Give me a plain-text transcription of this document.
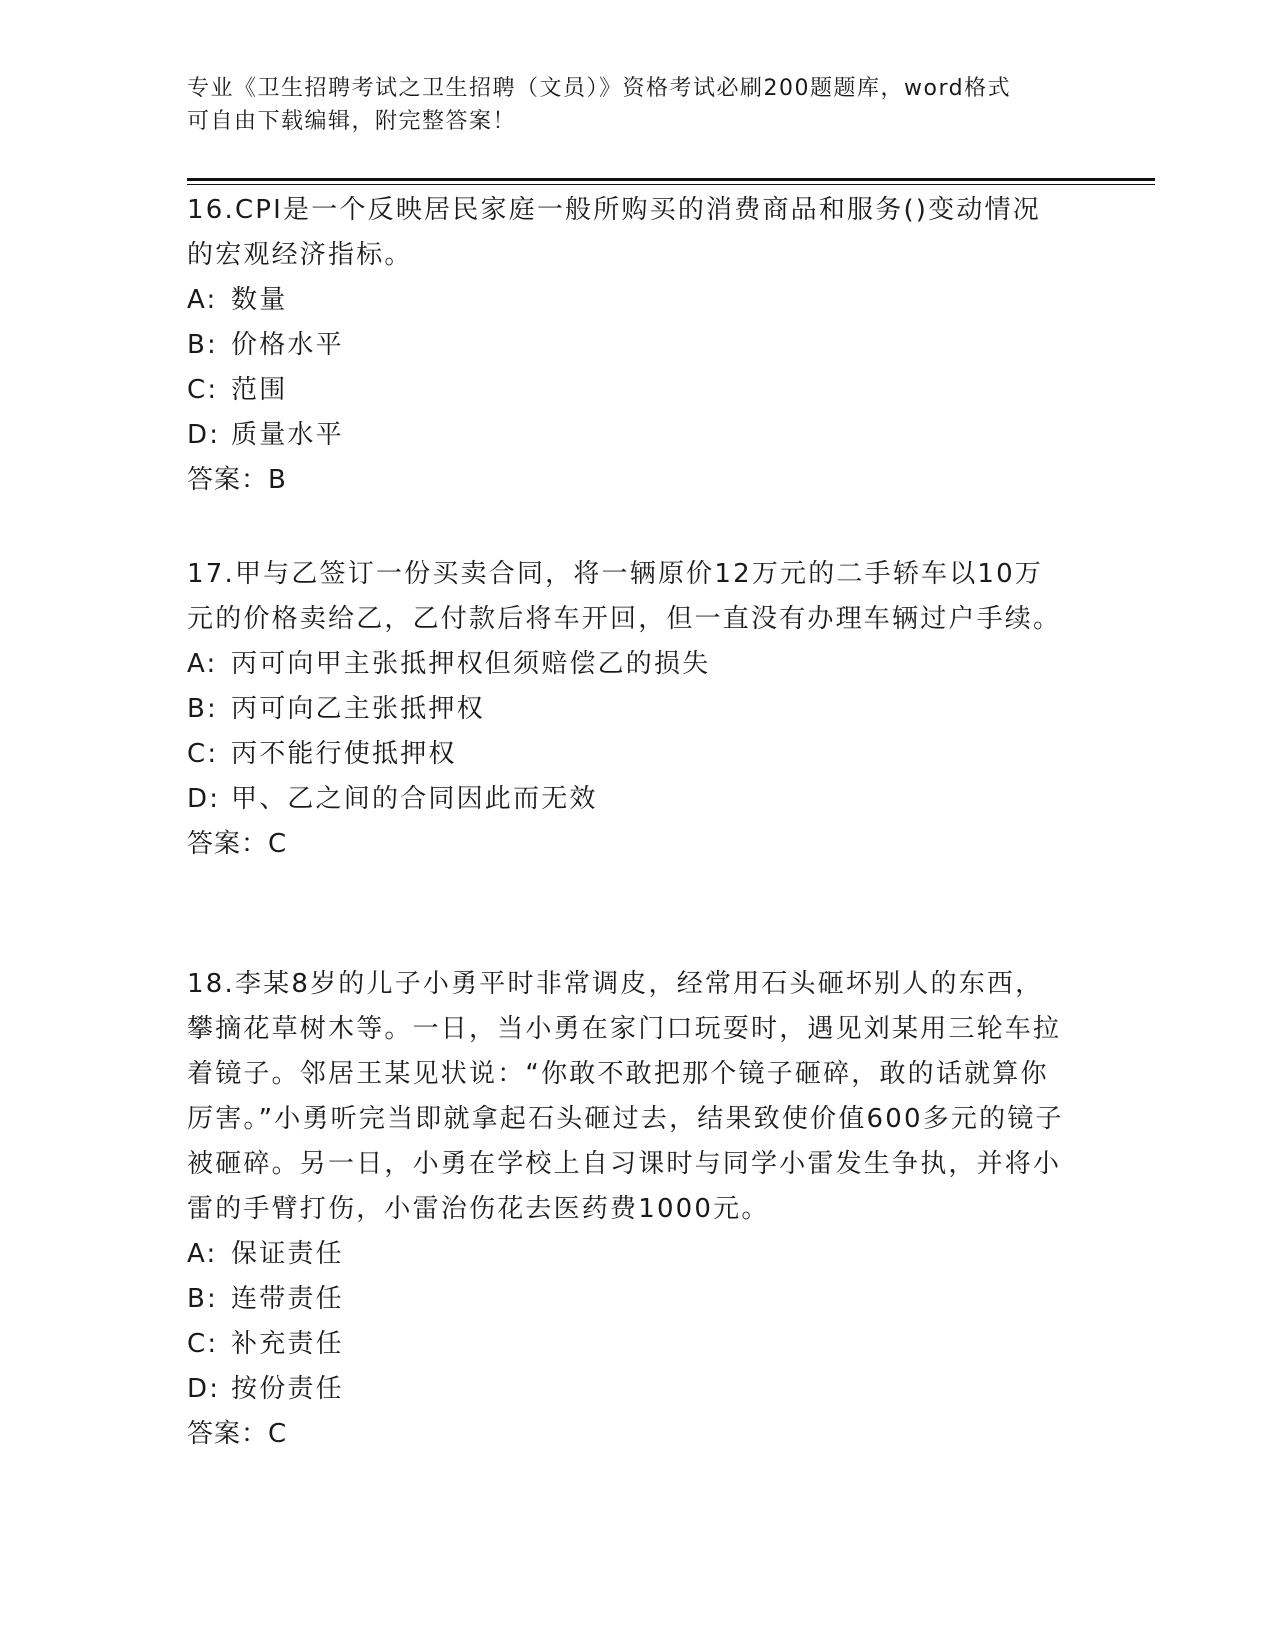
专业《卫生招聘考试之卫生招聘（文员）》资格考试必刷200题题库，word格式
可自由下载编辑，附完整答案！

16.CPI是一个反映居民家庭一般所购买的消费商品和服务()变动情况的宏观经济指标。

A: 数量
B: 价格水平
C: 范围
D: 质量水平
答案：B

17.甲与乙签订一份买卖合同，将一辆原价12万元的二手轿车以10万元的价格卖给乙，乙付款后将车开回，但一直没有办理车辆过户手续。

A: 丙可向甲主张抵押权但须赔偿乙的损失
B: 丙可向乙主张抵押权
C: 丙不能行使抵押权
D: 甲、乙之间的合同因此而无效
答案：C

18.李某8岁的儿子小勇平时非常调皮，经常用石头砸坏别人的东西，攀摘花草树木等。一日，当小勇在家门口玩耍时，遇见刘某用三轮车拉着镜子。邻居王某见状说：“你敢不敢把那个镜子砸碎，敢的话就算你厉害。”小勇听完当即就拿起石头砸过去，结果致使价值600多元的镜子被砸碎。另一日，小勇在学校上自习课时与同学小雷发生争执，并将小雷的手臂打伤，小雷治伤花去医药费1000元。

A: 保证责任
B: 连带责任
C: 补充责任
D: 按份责任
答案：C
